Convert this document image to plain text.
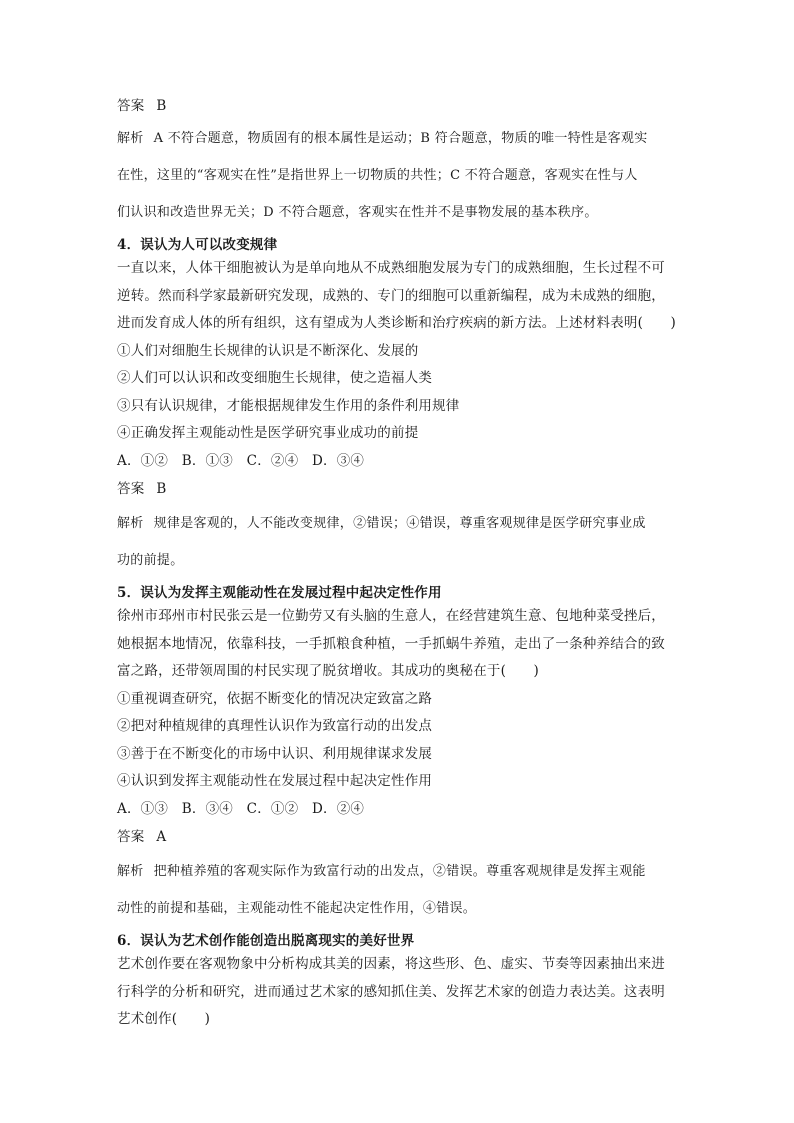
答案 B
解析 A 不符合题意，物质固有的根本属性是运动；B 符合题意，物质的唯一特性是客观实
在性，这里的“客观实在性”是指世界上一切物质的共性；C 不符合题意，客观实在性与人
们认识和改造世界无关；D 不符合题意，客观实在性并不是事物发展的基本秩序。
4．误认为人可以改变规律
一直以来，人体干细胞被认为是单向地从不成熟细胞发展为专门的成熟细胞，生长过程不可
逆转。然而科学家最新研究发现，成熟的、专门的细胞可以重新编程，成为未成熟的细胞，
进而发育成人体的所有组织，这有望成为人类诊断和治疗疾病的新方法。上述材料表明(　　)
①人们对细胞生长规律的认识是不断深化、发展的
②人们可以认识和改变细胞生长规律，使之造福人类
③只有认识规律，才能根据规律发生作用的条件利用规律
④正确发挥主观能动性是医学研究事业成功的前提
A．①②　B．①③　C．②④　D．③④
答案 B
解析 规律是客观的，人不能改变规律，②错误；④错误，尊重客观规律是医学研究事业成
功的前提。
5．误认为发挥主观能动性在发展过程中起决定性作用
徐州市邳州市村民张云是一位勤劳又有头脑的生意人，在经营建筑生意、包地种菜受挫后，
她根据本地情况，依靠科技，一手抓粮食种植，一手抓蜗牛养殖，走出了一条种养结合的致
富之路，还带领周围的村民实现了脱贫增收。其成功的奥秘在于(　　)
①重视调查研究，依据不断变化的情况决定致富之路
②把对种植规律的真理性认识作为致富行动的出发点
③善于在不断变化的市场中认识、利用规律谋求发展
④认识到发挥主观能动性在发展过程中起决定性作用
A．①③　B．③④　C．①②　D．②④
答案 A
解析 把种植养殖的客观实际作为致富行动的出发点，②错误。尊重客观规律是发挥主观能
动性的前提和基础，主观能动性不能起决定性作用，④错误。
6．误认为艺术创作能创造出脱离现实的美好世界
艺术创作要在客观物象中分析构成其美的因素，将这些形、色、虚实、节奏等因素抽出来进
行科学的分析和研究，进而通过艺术家的感知抓住美、发挥艺术家的创造力表达美。这表明
艺术创作(　　)
